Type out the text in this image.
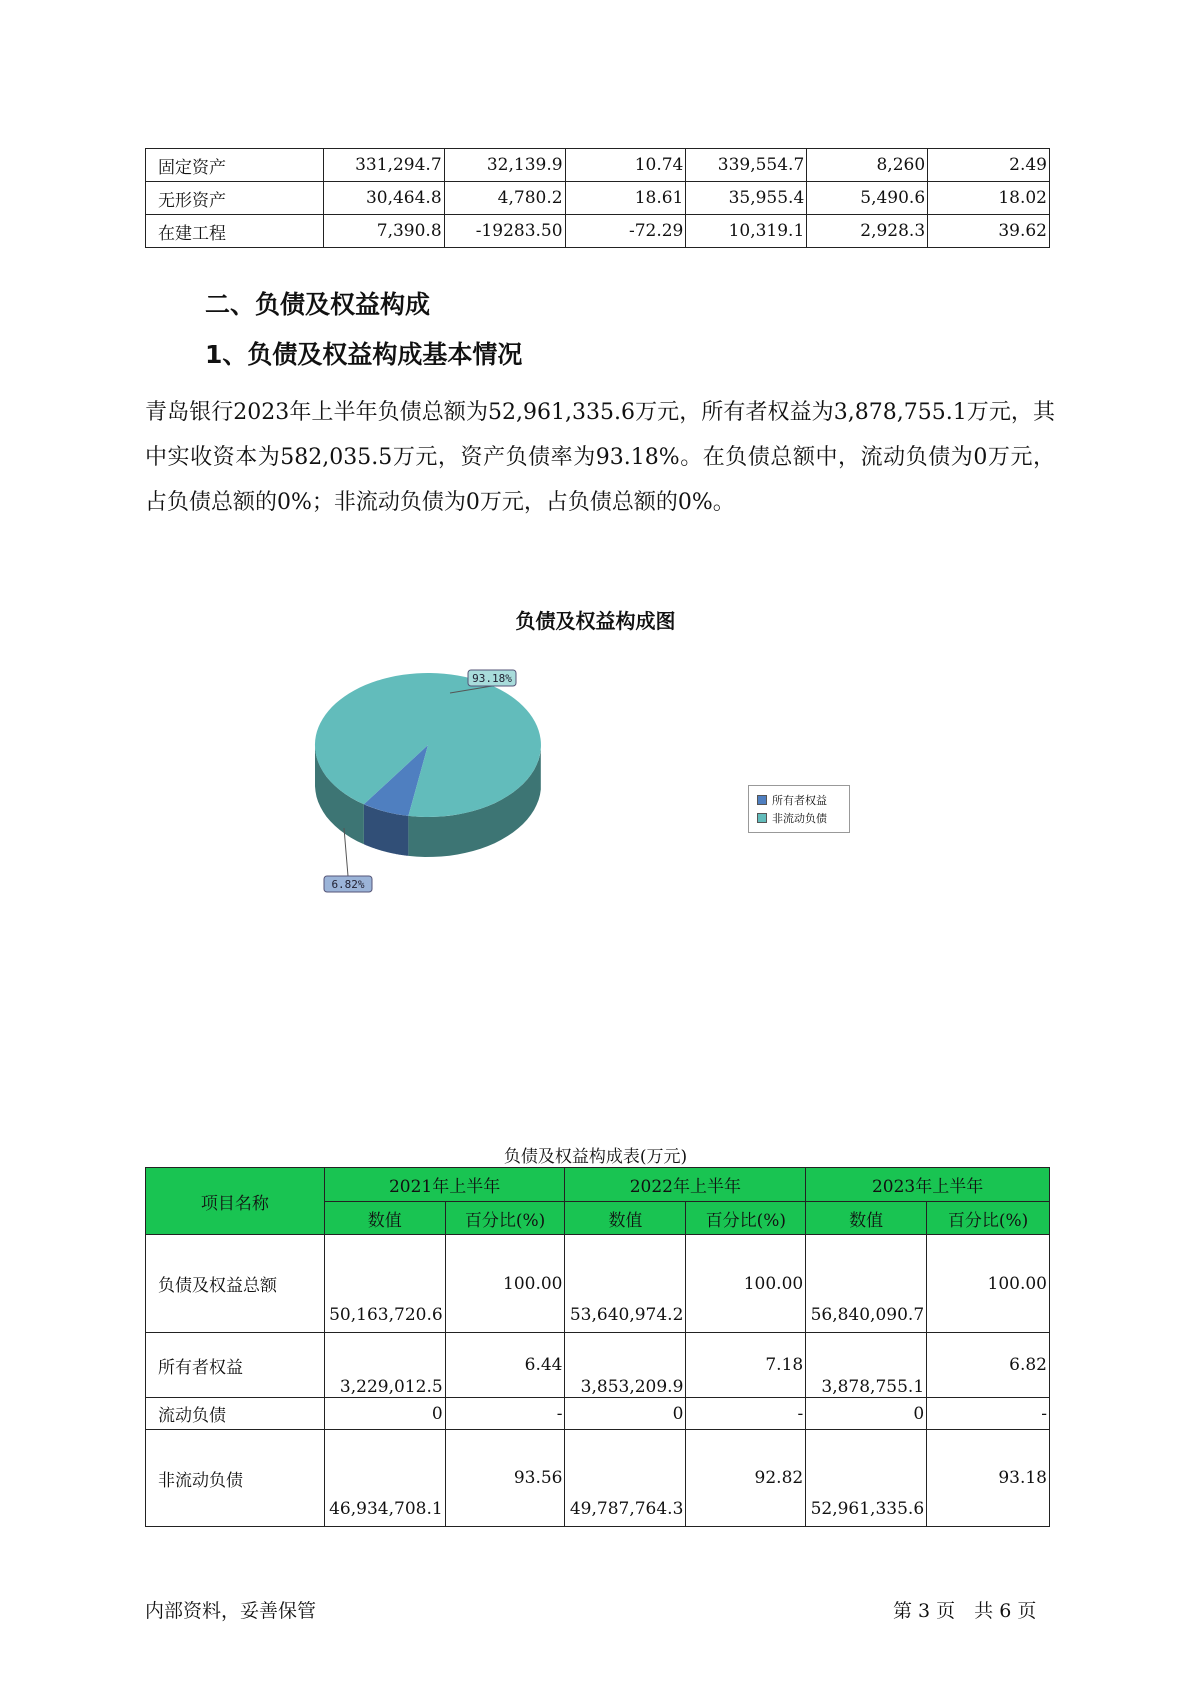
固定资产	331,294.7	32,139.9	10.74	339,554.7	8,260	2.49
无形资产	30,464.8	4,780.2	18.61	35,955.4	5,490.6	18.02
在建工程	7,390.8	-19283.50	-72.29	10,319.1	2,928.3	39.62
二、负债及权益构成
1、负债及权益构成基本情况
青岛银行2023年上半年负债总额为52,961,335.6万元，所有者权益为3,878,755.1万元，其中实收资本为582,035.5万元，资产负债率为93.18%。在负债总额中，流动负债为0万元，占负债总额的0%；非流动负债为0万元，占负债总额的0%。
负债及权益构成图
6.82%
93.18%
所有者权益
非流动负债
负债及权益构成表(万元)
项目名称	2021年上半年		2022年上半年		2023年上半年	
	数值	百分比(%)	数值	百分比(%)	数值	百分比(%)
负债及权益总额	50,163,720.6	100.00	53,640,974.2	100.00	56,840,090.7	100.00
所有者权益	3,229,012.5	6.44	3,853,209.9	7.18	3,878,755.1	6.82
流动负债	0	-	0	-	0	-
非流动负债	46,934,708.1	93.56	49,787,764.3	92.82	52,961,335.6	93.18
内部资料，妥善保管	第 3 页　共 6 页
